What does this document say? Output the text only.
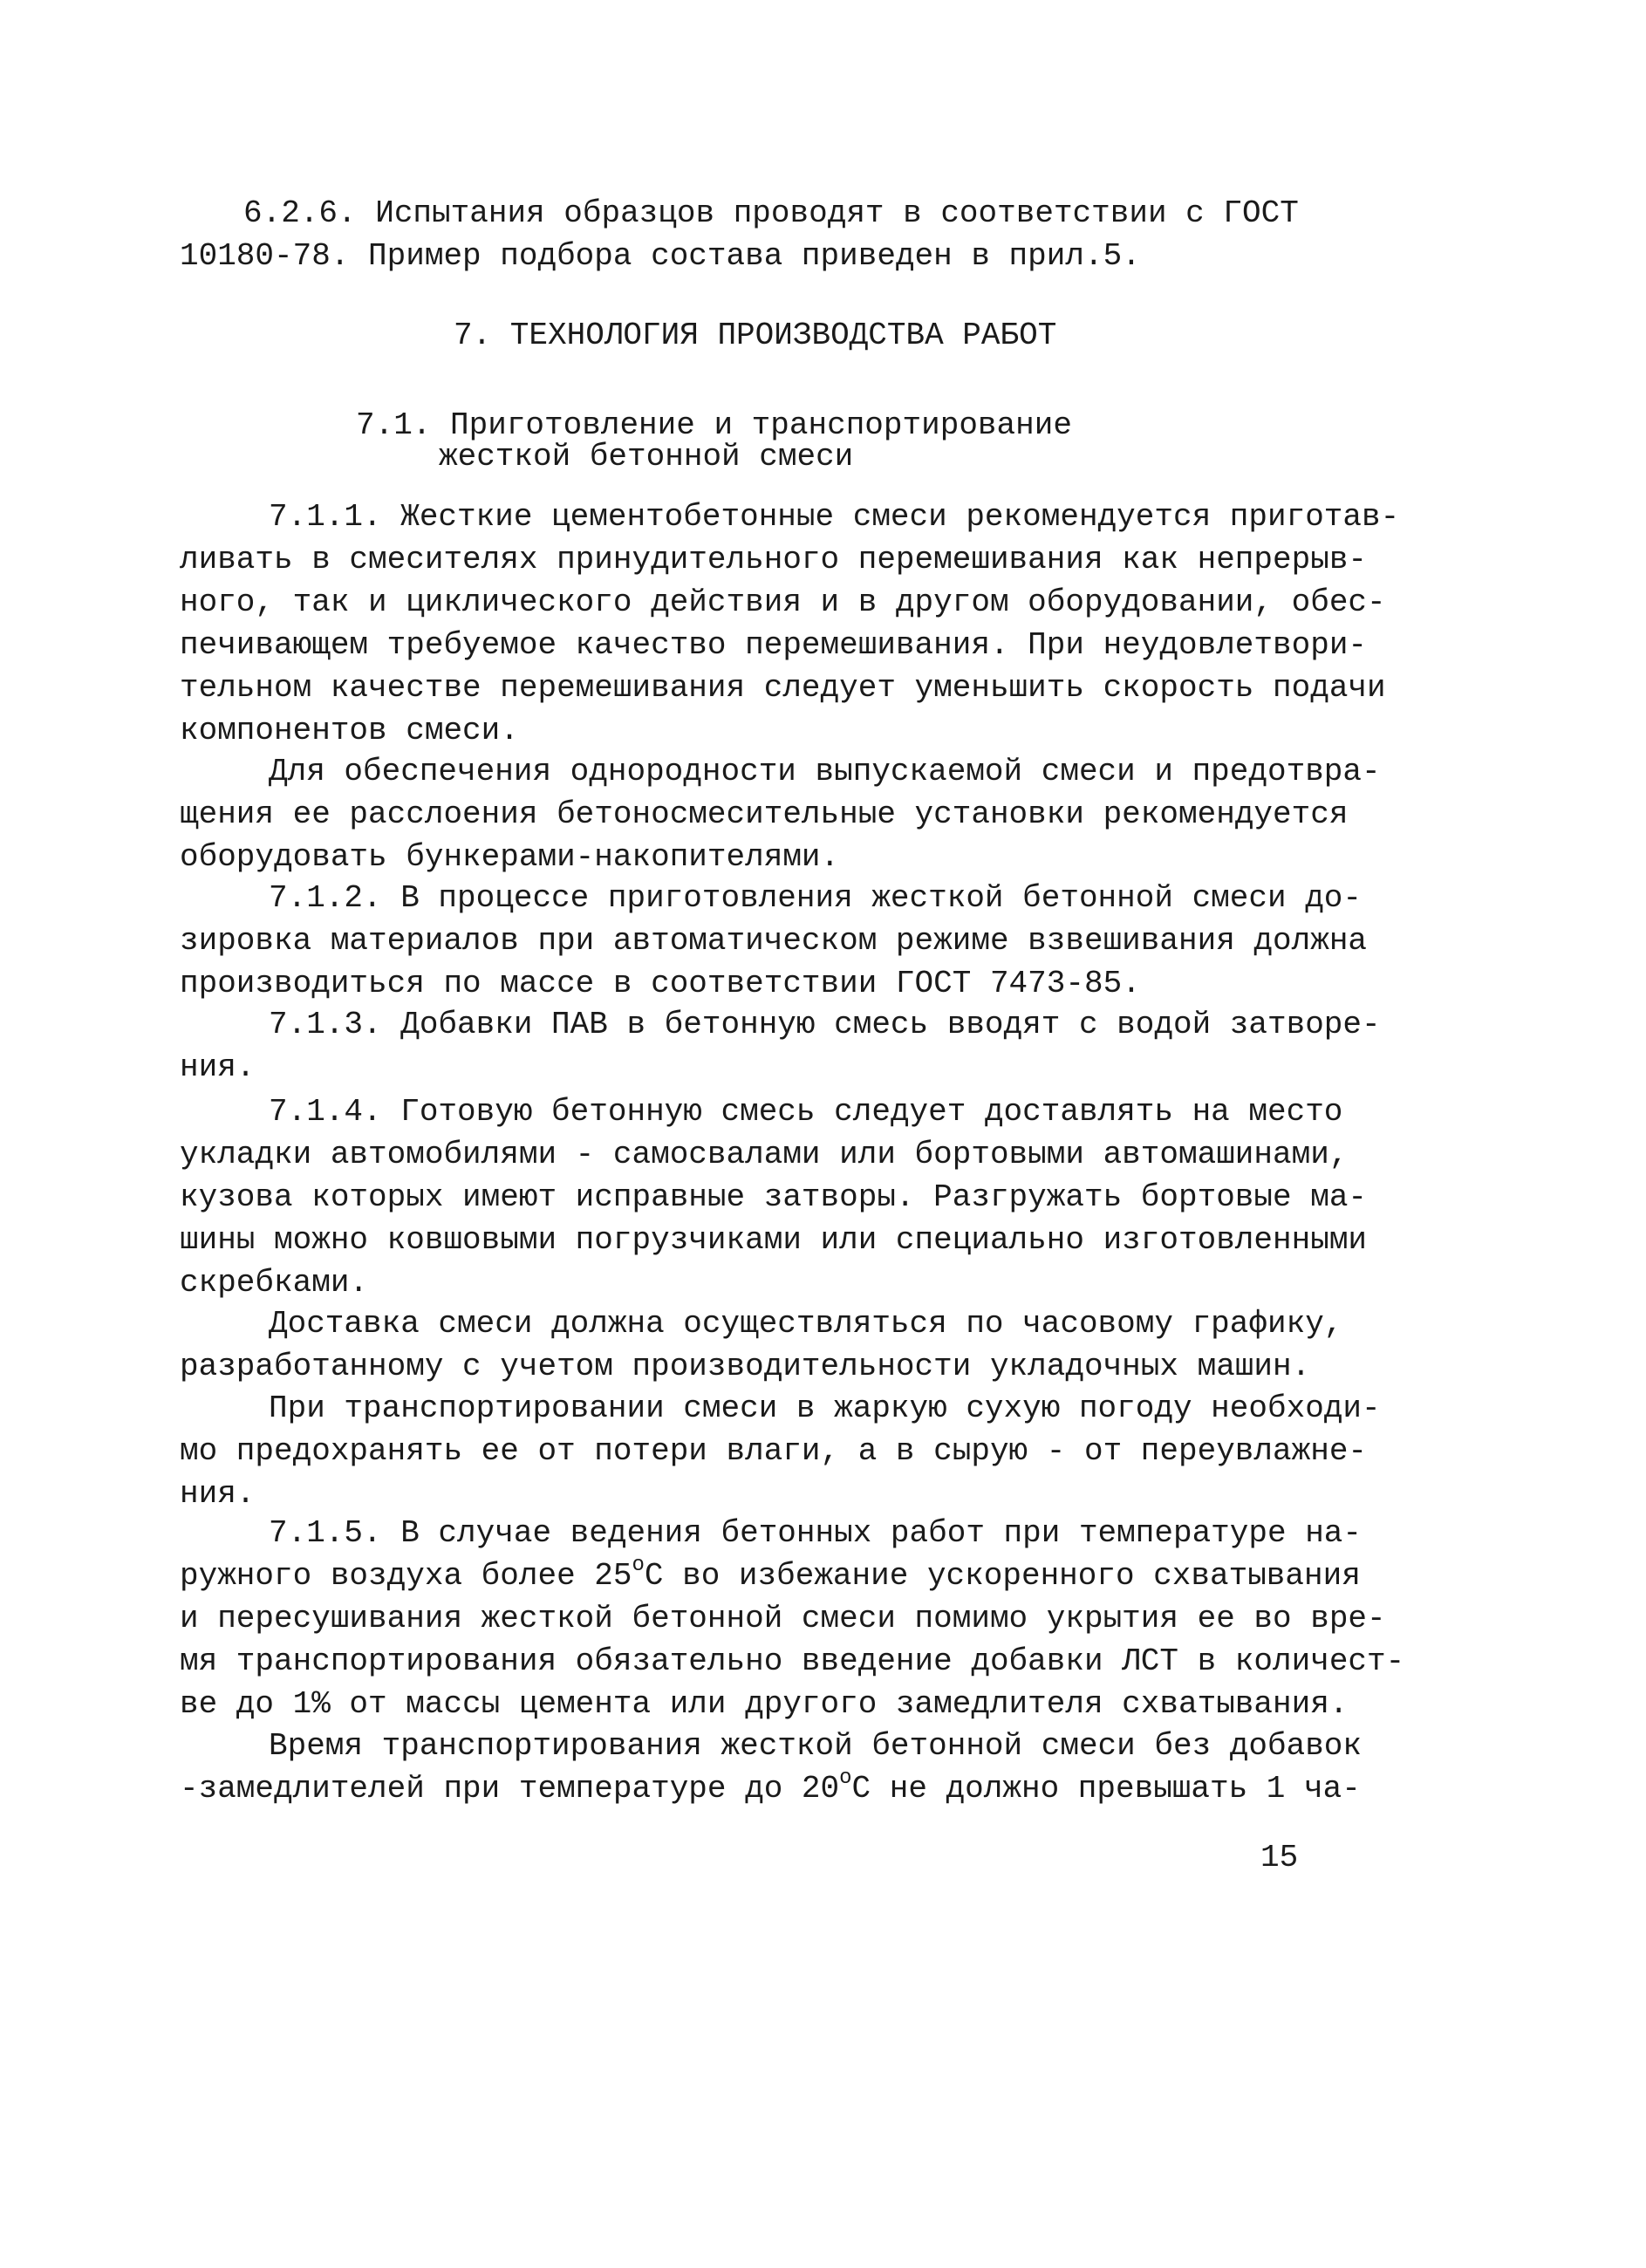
6.2.6. Испытания образцов проводят в соответствии с ГОСТ
10180-78. Пример подбора состава приведен в прил.5.
7. ТЕХНОЛОГИЯ ПРОИЗВОДСТВА РАБОТ
7.1. Приготовление и транспортирование
жесткой бетонной смеси
7.1.1. Жесткие цементобетонные смеси рекомендуется приготав-
ливать в смесителях принудительного перемешивания как непрерыв-
ного, так и циклического действия и в другом оборудовании, обес-
печивающем требуемое качество перемешивания. При неудовлетвори-
тельном качестве перемешивания следует уменьшить скорость подачи
компонентов смеси.
Для обеспечения однородности выпускаемой смеси и предотвра-
щения ее расслоения бетоносмесительные установки рекомендуется
оборудовать бункерами-накопителями.
7.1.2. В процессе приготовления жесткой бетонной смеси до-
зировка материалов при автоматическом режиме взвешивания должна
производиться по массе в соответствии ГОСТ 7473-85.
7.1.3. Добавки ПАВ в бетонную смесь вводят с водой затворе-
ния.
7.1.4. Готовую бетонную смесь следует доставлять на место
укладки автомобилями - самосвалами или бортовыми автомашинами,
кузова которых имеют исправные затворы. Разгружать бортовые ма-
шины можно ковшовыми погрузчиками или специально изготовленными
скребками.
Доставка смеси должна осуществляться по часовому графику,
разработанному с учетом производительности укладочных машин.
При транспортировании смеси в жаркую сухую погоду необходи-
мо предохранять ее от потери влаги, а в сырую - от переувлажне-
ния.
7.1.5. В случае ведения бетонных работ при температуре на-
ружного воздуха более $25^оС$ во избежание ускоренного схватывания
и пересушивания жесткой бетонной смеси помимо укрытия ее во вре-
мя транспортирования обязательно введение добавки ЛСТ в количест-
ве до 1% от массы цемента или другого замедлителя схватывания.
Время транспортирования жесткой бетонной смеси без добавок
-замедлителей при температуре до $20^оС$ не должно превышать 1 ча-
15
